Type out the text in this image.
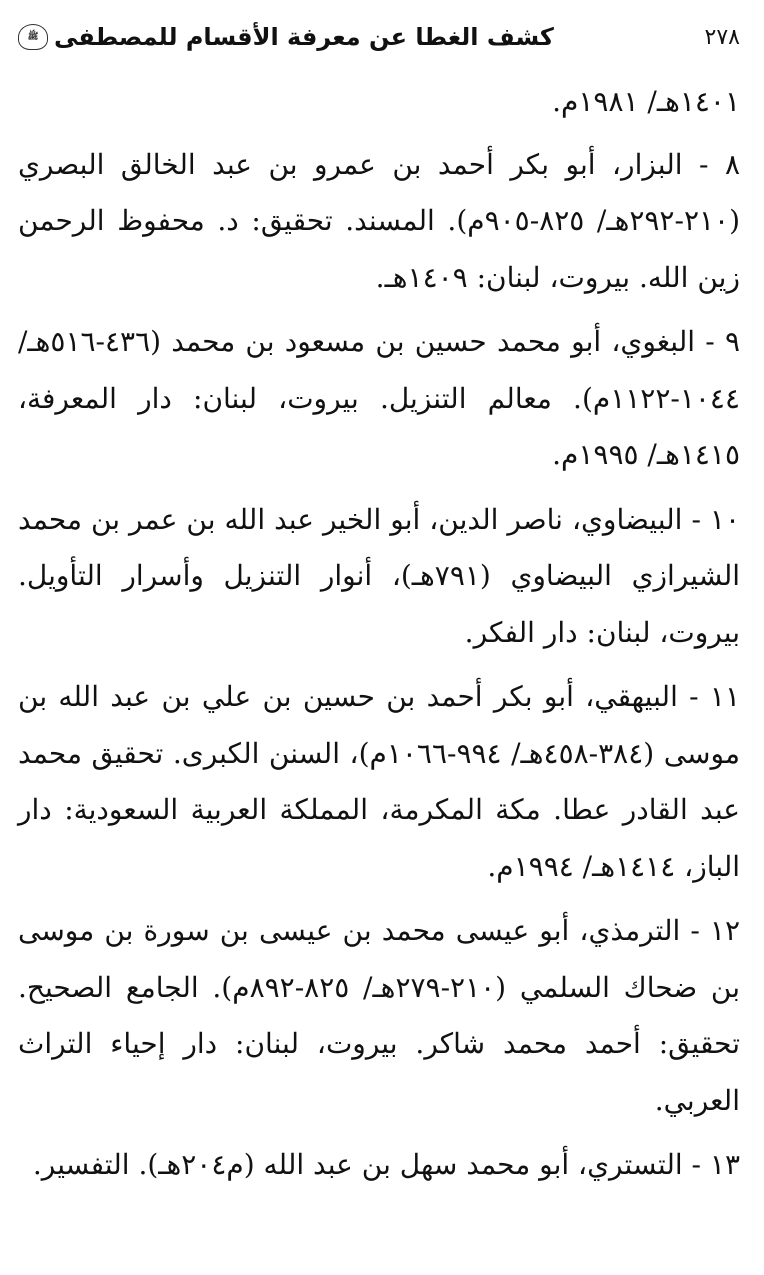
٢٧٨
كشف الغطا عن معرفة الأقسام للمصطفى
ﷺ

١٤٠١هـ/ ١٩٨١م.

٨ - البزار، أبو بكر أحمد بن عمرو بن عبد الخالق البصري (٢١٠-٢٩٢هـ/ ٨٢٥-٩٠٥م). المسند. تحقيق: د. محفوظ الرحمن زين الله. بيروت، لبنان: ١٤٠٩هـ.

٩ - البغوي، أبو محمد حسين بن مسعود بن محمد (٤٣٦-٥١٦هـ/ ١٠٤٤-١١٢٢م). معالم التنزيل. بيروت، لبنان: دار المعرفة، ١٤١٥هـ/ ١٩٩٥م.

١٠ - البيضاوي، ناصر الدين، أبو الخير عبد الله بن عمر بن محمد الشيرازي البيضاوي (٧٩١هـ)، أنوار التنزيل وأسرار التأويل. بيروت، لبنان: دار الفكر.

١١ - البيهقي، أبو بكر أحمد بن حسين بن علي بن عبد الله بن موسى (٣٨٤-٤٥٨هـ/ ٩٩٤-١٠٦٦م)، السنن الكبرى. تحقيق محمد عبد القادر عطا. مكة المكرمة، المملكة العربية السعودية: دار الباز، ١٤١٤هـ/ ١٩٩٤م.

١٢ - الترمذي، أبو عيسى محمد بن عيسى بن سورة بن موسى بن ضحاك السلمي (٢١٠-٢٧٩هـ/ ٨٢٥-٨٩٢م). الجامع الصحيح. تحقيق: أحمد محمد شاكر. بيروت، لبنان: دار إحياء التراث العربي.

١٣ - التستري، أبو محمد سهل بن عبد الله (م٢٠٤هـ). التفسير.
